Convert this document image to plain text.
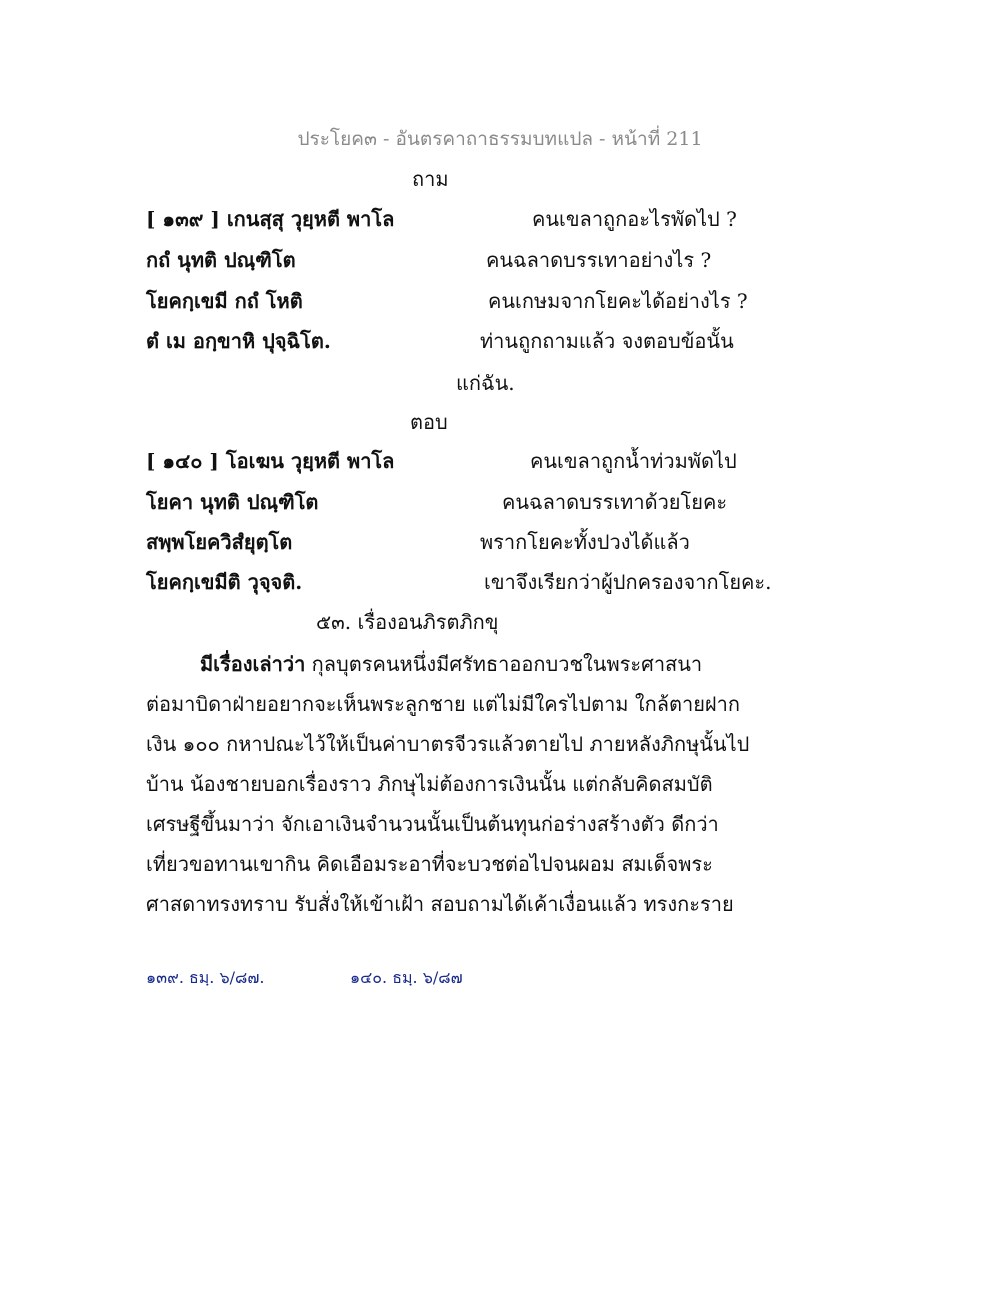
ประโยค๓ - อันตรคาถาธรรมบทแปล - หน้าที่ 211
ถาม
[ ๑๓๙ ] เกนสฺสุ วุยฺหตี พาโล	คนเขลาถูกอะไรพัดไป ?
กถํ นุทติ ปณฺฑิโต	คนฉลาดบรรเทาอย่างไร ?
โยคกฺเขมี กถํ โหติ	คนเกษมจากโยคะได้อย่างไร ?
ตํ เม อกฺขาหิ ปุจฺฉิโต.	ท่านถูกถามแล้ว จงตอบข้อนั้น
แก่ฉัน.
ตอบ
[ ๑๔๐ ] โอเฆน วุยฺหตี พาโล	คนเขลาถูกน้ำท่วมพัดไป
โยคา นุทติ ปณฺฑิโต	คนฉลาดบรรเทาด้วยโยคะ
สพฺพโยควิสํยุตฺโต	พรากโยคะทั้งปวงได้แล้ว
โยคกฺเขมีติ วุจฺจติ.	เขาจึงเรียกว่าผู้ปกครองจากโยคะ.
๕๓. เรื่องอนภิรตภิกขุ
มีเรื่องเล่าว่า กุลบุตรคนหนึ่งมีศรัทธาออกบวชในพระศาสนา
ต่อมาบิดาฝ่ายอยากจะเห็นพระลูกชาย แต่ไม่มีใครไปตาม ใกล้ตายฝาก
เงิน ๑๐๐ กหาปณะไว้ให้เป็นค่าบาตรจีวรแล้วตายไป ภายหลังภิกษุนั้นไป
บ้าน น้องชายบอกเรื่องราว ภิกษุไม่ต้องการเงินนั้น แต่กลับคิดสมบัติ
เศรษฐีขึ้นมาว่า จักเอาเงินจำนวนนั้นเป็นต้นทุนก่อร่างสร้างตัว ดีกว่า
เที่ยวขอทานเขากิน คิดเอือมระอาที่จะบวชต่อไปจนผอม สมเด็จพระ
ศาสดาทรงทราบ รับสั่งให้เข้าเฝ้า สอบถามได้เค้าเงื่อนแล้ว ทรงกะราย
๑๓๙. ธมฺ. ๖/๘๗.	๑๔๐. ธมฺ. ๖/๘๗
